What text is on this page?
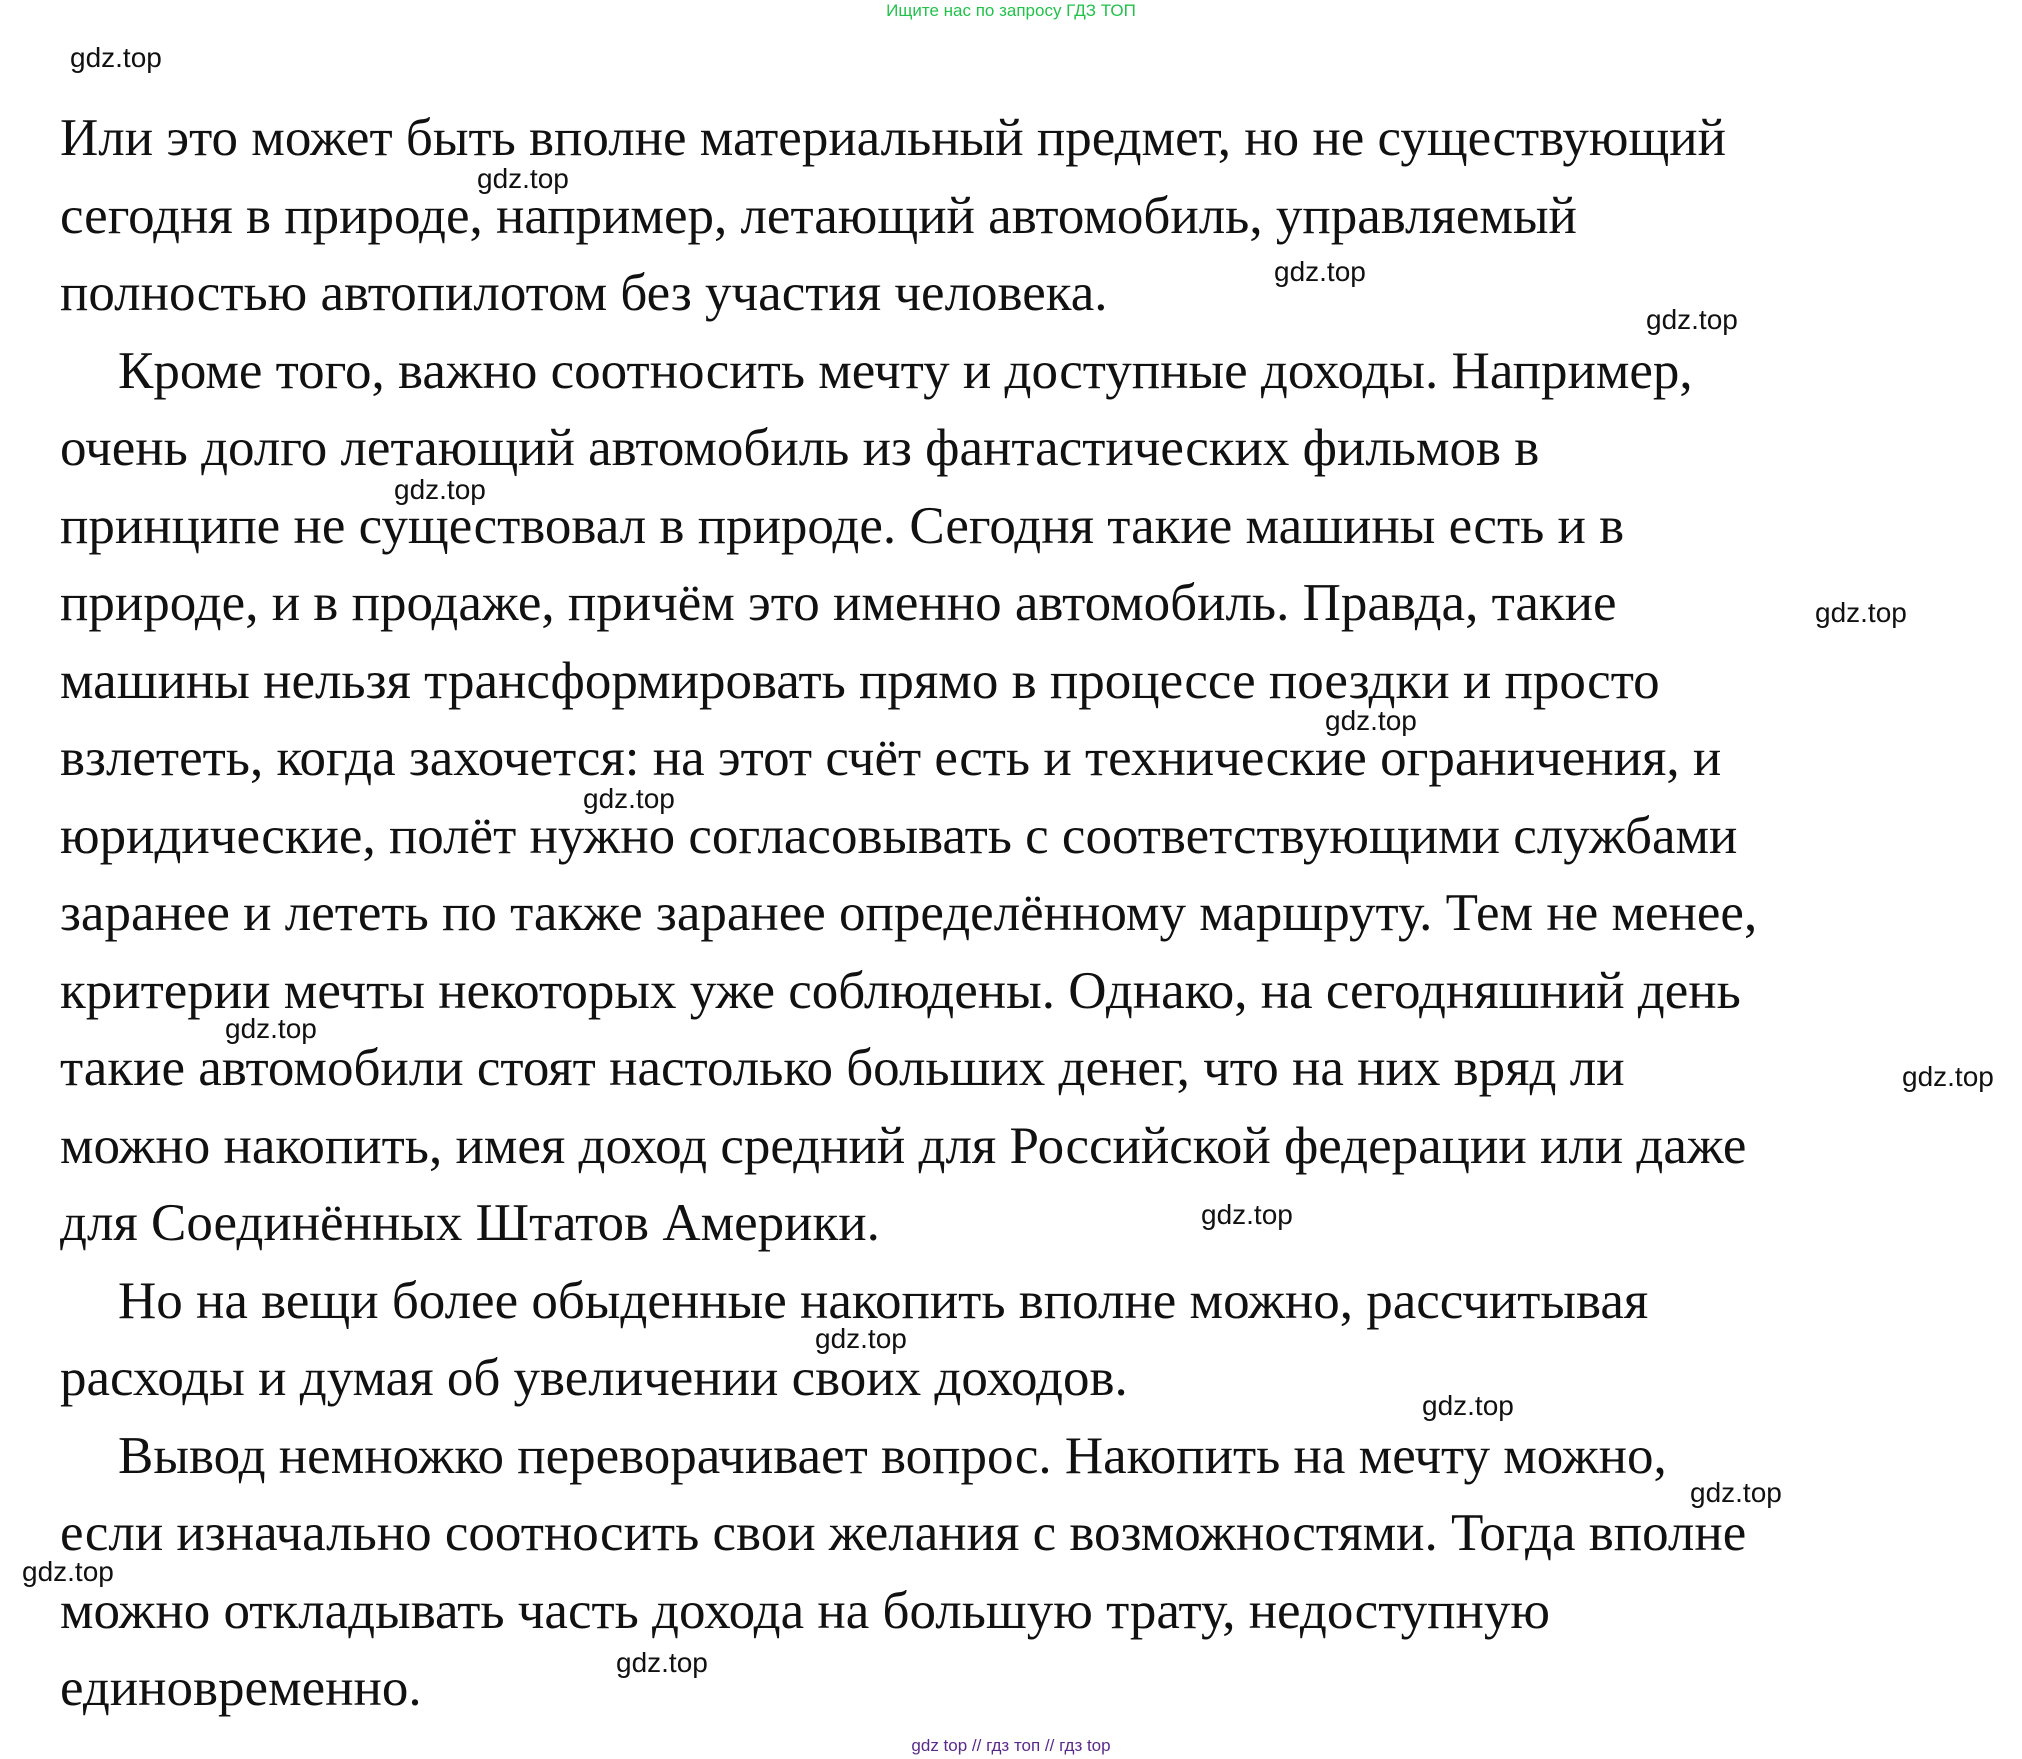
Ищите нас по запросу ГДЗ ТОП

Или это может быть вполне материальный предмет, но не существующий
сегодня в природе, например, летающий автомобиль, управляемый
полностью автопилотом без участия человека.

Кроме того, важно соотносить мечту и доступные доходы. Например,
очень долго летающий автомобиль из фантастических фильмов в
принципе не существовал в природе. Сегодня такие машины есть и в
природе, и в продаже, причём это именно автомобиль. Правда, такие
машины нельзя трансформировать прямо в процессе поездки и просто
взлететь, когда захочется: на этот счёт есть и технические ограничения, и
юридические, полёт нужно согласовывать с соответствующими службами
заранее и лететь по также заранее определённому маршруту. Тем не менее,
критерии мечты некоторых уже соблюдены. Однако, на сегодняшний день
такие автомобили стоят настолько больших денег, что на них вряд ли
можно накопить, имея доход средний для Российской федерации или даже
для Соединённых Штатов Америки.

Но на вещи более обыденные накопить вполне можно, рассчитывая
расходы и думая об увеличении своих доходов.

Вывод немножко переворачивает вопрос. Накопить на мечту можно,
если изначально соотносить свои желания с возможностями. Тогда вполне
можно откладывать часть дохода на большую трату, недоступную
единовременно.

gdz.top
gdz.top
gdz.top
gdz.top
gdz.top
gdz.top
gdz.top
gdz.top
gdz.top
gdz.top
gdz.top
gdz.top
gdz.top
gdz.top
gdz.top
gdz.top
gdz top // гдз топ // гдз top
